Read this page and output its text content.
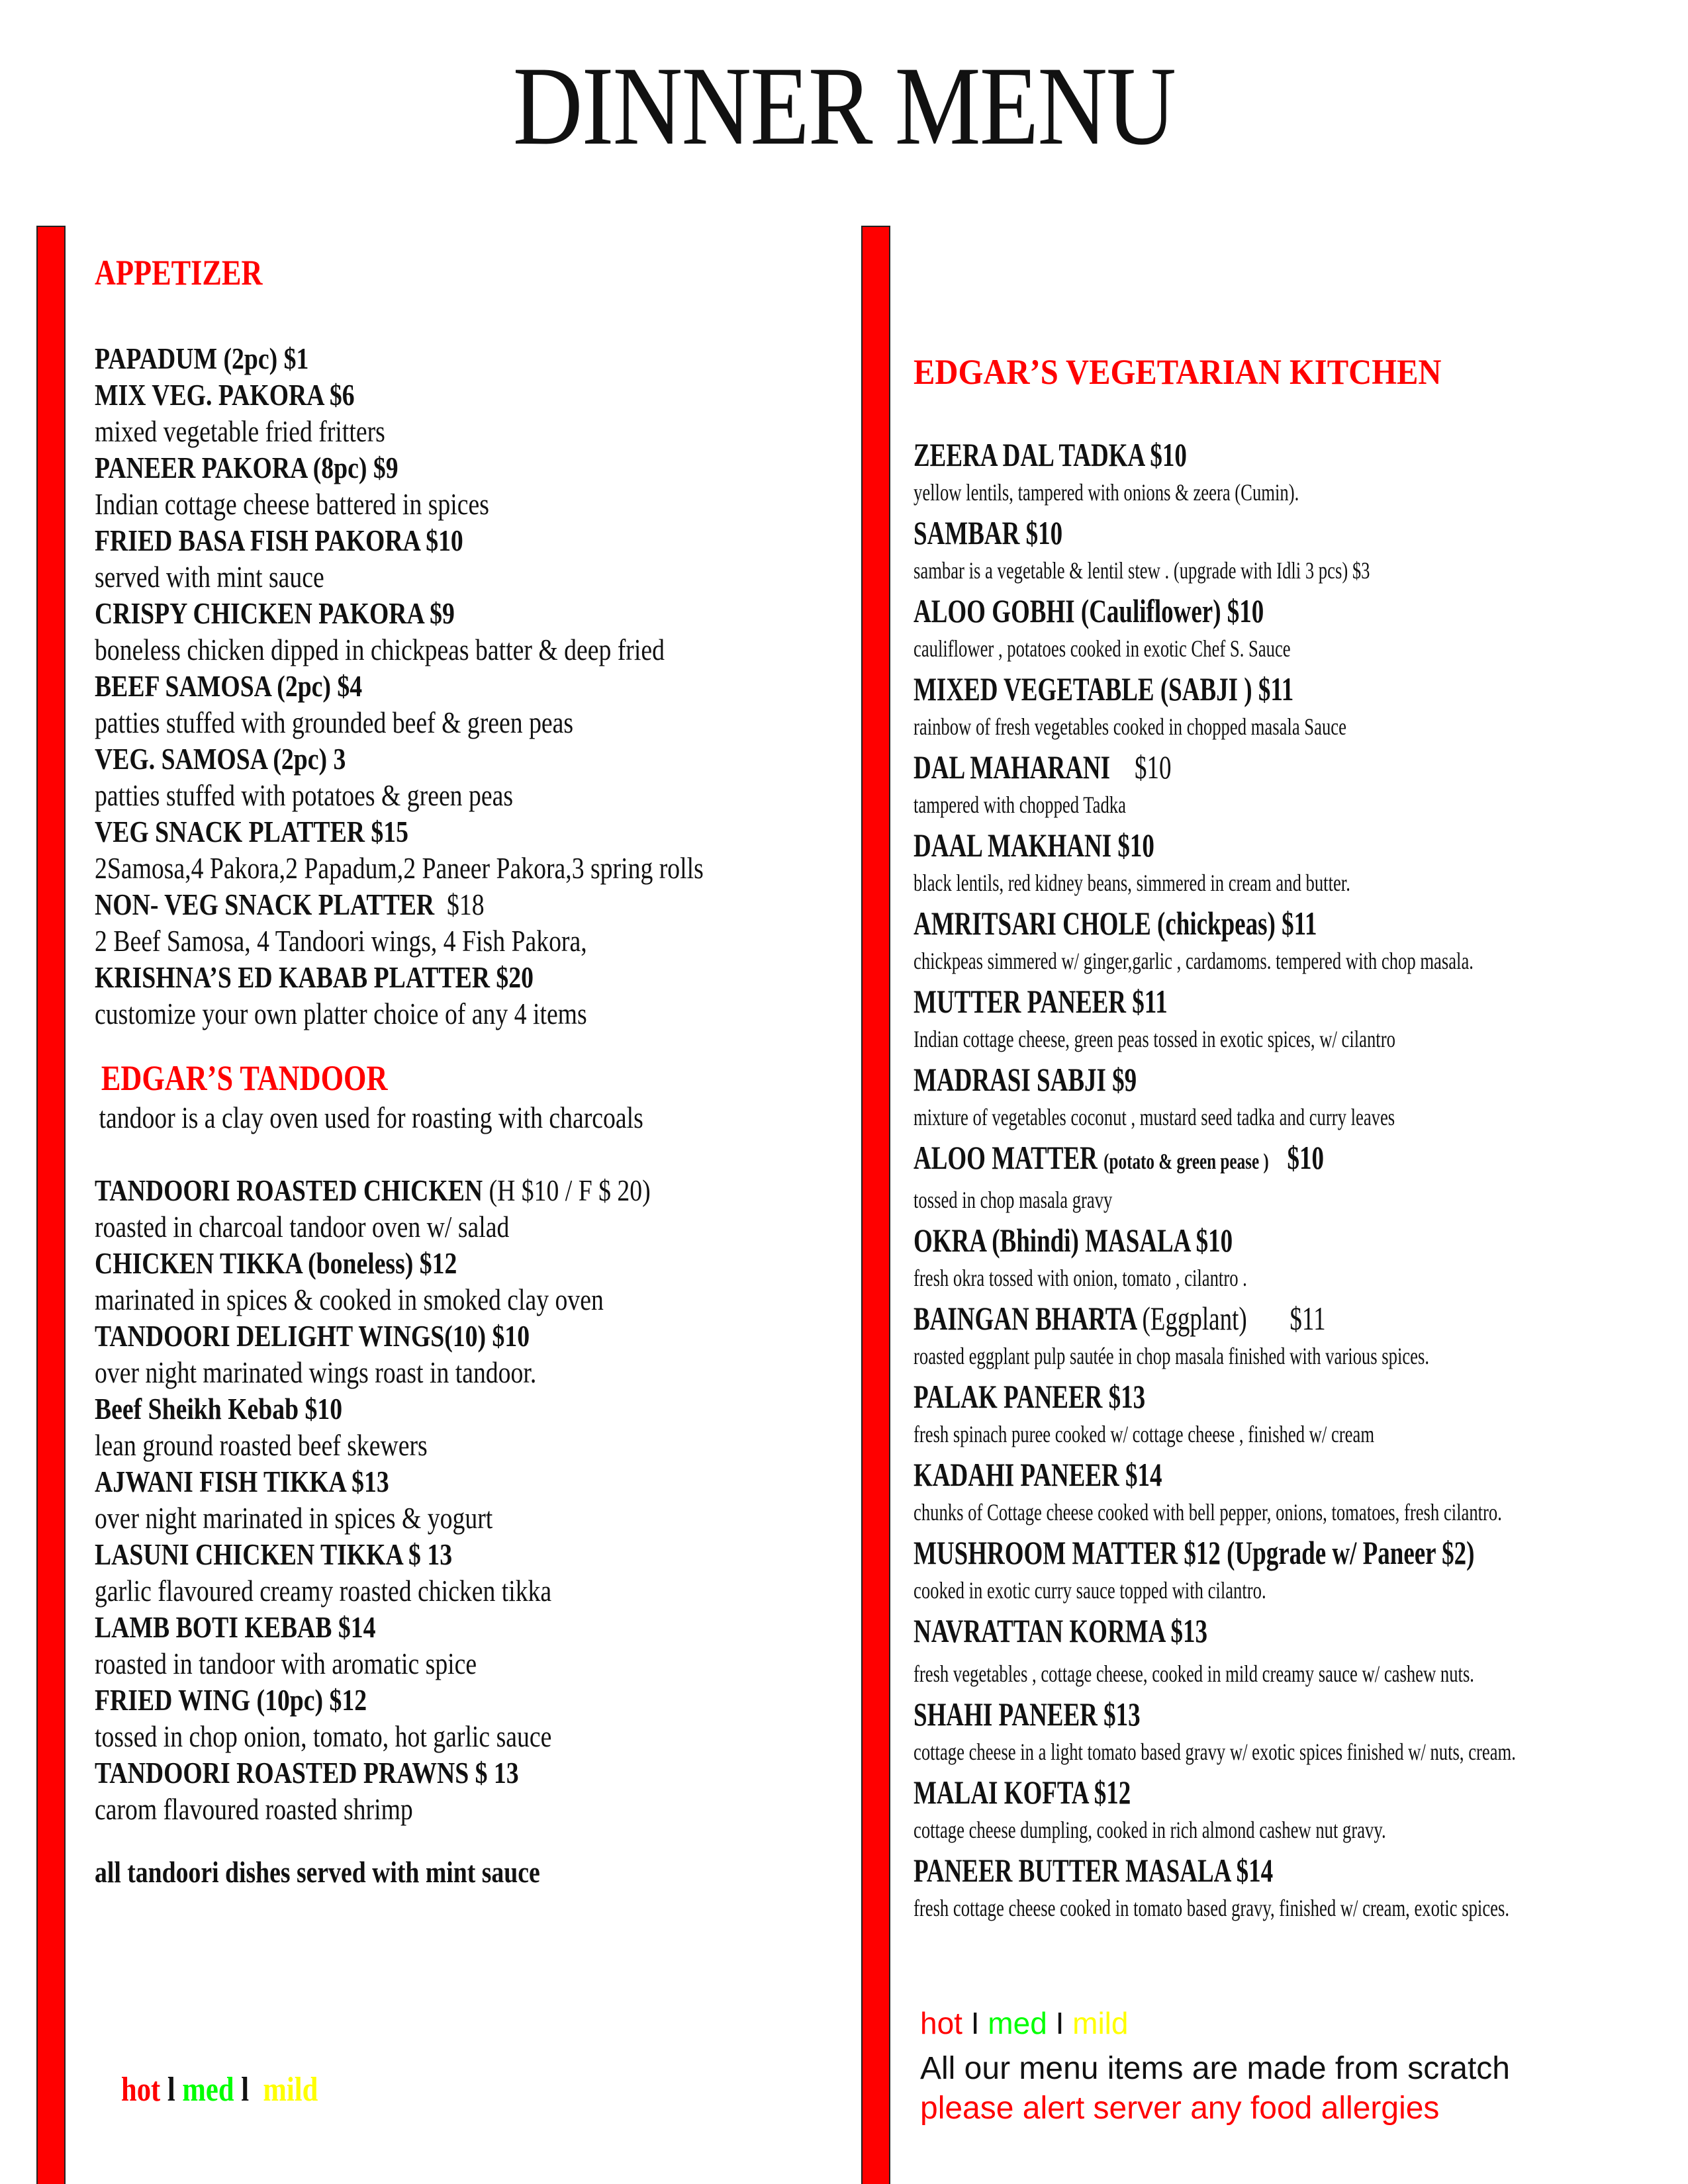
DINNER MENU
APPETIZER
PAPADUM (2pc) $1
MIX VEG. PAKORA $6
mixed vegetable fried fritters
PANEER PAKORA (8pc) $9
Indian cottage cheese battered in spices
FRIED BASA FISH PAKORA $10
served with mint sauce
CRISPY CHICKEN PAKORA $9
boneless chicken dipped in chickpeas batter & deep fried
BEEF SAMOSA (2pc) $4
patties stuffed with grounded beef & green peas
VEG. SAMOSA (2pc) 3
patties stuffed with potatoes & green peas
VEG SNACK PLATTER $15
2Samosa,4 Pakora,2 Papadum,2 Paneer Pakora,3 spring rolls
NON- VEG SNACK PLATTER $18
2 Beef Samosa, 4 Tandoori wings, 4 Fish Pakora,
KRISHNA’S ED KABAB PLATTER $20
customize your own platter choice of any 4 items
EDGAR’S TANDOOR
tandoor is a clay oven used for roasting with charcoals
TANDOORI ROASTED CHICKEN (H $10 / F $ 20)
roasted in charcoal tandoor oven w/ salad
CHICKEN TIKKA (boneless) $12
marinated in spices & cooked in smoked clay oven
TANDOORI DELIGHT WINGS(10) $10
over night marinated wings roast in tandoor.
Beef Sheikh Kebab $10
lean ground roasted beef skewers
AJWANI FISH TIKKA $13
over night marinated in spices & yogurt
LASUNI CHICKEN TIKKA $ 13
garlic flavoured creamy roasted chicken tikka
LAMB BOTI KEBAB $14
roasted in tandoor with aromatic spice
FRIED WING (10pc) $12
tossed in chop onion, tomato, hot garlic sauce
TANDOORI ROASTED PRAWNS $ 13
carom flavoured roasted shrimp
all tandoori dishes served with mint sauce
hot l med l mild
EDGAR’S VEGETARIAN KITCHEN
ZEERA DAL TADKA $10
yellow lentils, tampered with onions & zeera (Cumin).
SAMBAR $10
sambar is a vegetable & lentil stew . (upgrade with Idli 3 pcs) $3
ALOO GOBHI (Cauliflower) $10
cauliflower , potatoes cooked in exotic Chef S. Sauce
MIXED VEGETABLE (SABJI ) $11
rainbow of fresh vegetables cooked in chopped masala Sauce
DAL MAHARANI    $10
tampered with chopped Tadka
DAAL MAKHANI $10
black lentils, red kidney beans, simmered in cream and butter.
AMRITSARI CHOLE (chickpeas) $11
chickpeas simmered w/ ginger,garlic , cardamoms. tempered with chop masala.
MUTTER PANEER $11
Indian cottage cheese, green peas tossed in exotic spices, w/ cilantro
MADRASI SABJI $9
mixture of vegetables coconut , mustard seed tadka and curry leaves
ALOO MATTER (potato & green pease )   $10
tossed in chop masala gravy
OKRA (Bhindi) MASALA $10
fresh okra tossed with onion, tomato , cilantro .
BAINGAN BHARTA (Eggplant)       $11
roasted eggplant pulp sautée in chop masala finished with various spices.
PALAK PANEER $13
fresh spinach puree cooked w/ cottage cheese , finished w/ cream
KADAHI PANEER $14
chunks of Cottage cheese cooked with bell pepper, onions, tomatoes, fresh cilantro.
MUSHROOM MATTER $12 (Upgrade w/ Paneer $2)
cooked in exotic curry sauce topped with cilantro.
NAVRATTAN KORMA $13
fresh vegetables , cottage cheese, cooked in mild creamy sauce w/ cashew nuts.
SHAHI PANEER $13
cottage cheese in a light tomato based gravy w/ exotic spices finished w/ nuts, cream.
MALAI KOFTA $12
cottage cheese dumpling, cooked in rich almond cashew nut gravy.
PANEER BUTTER MASALA $14
fresh cottage cheese cooked in tomato based gravy, finished w/ cream, exotic spices.
hot I med I mild
All our menu items are made from scratch
please alert server any food allergies
